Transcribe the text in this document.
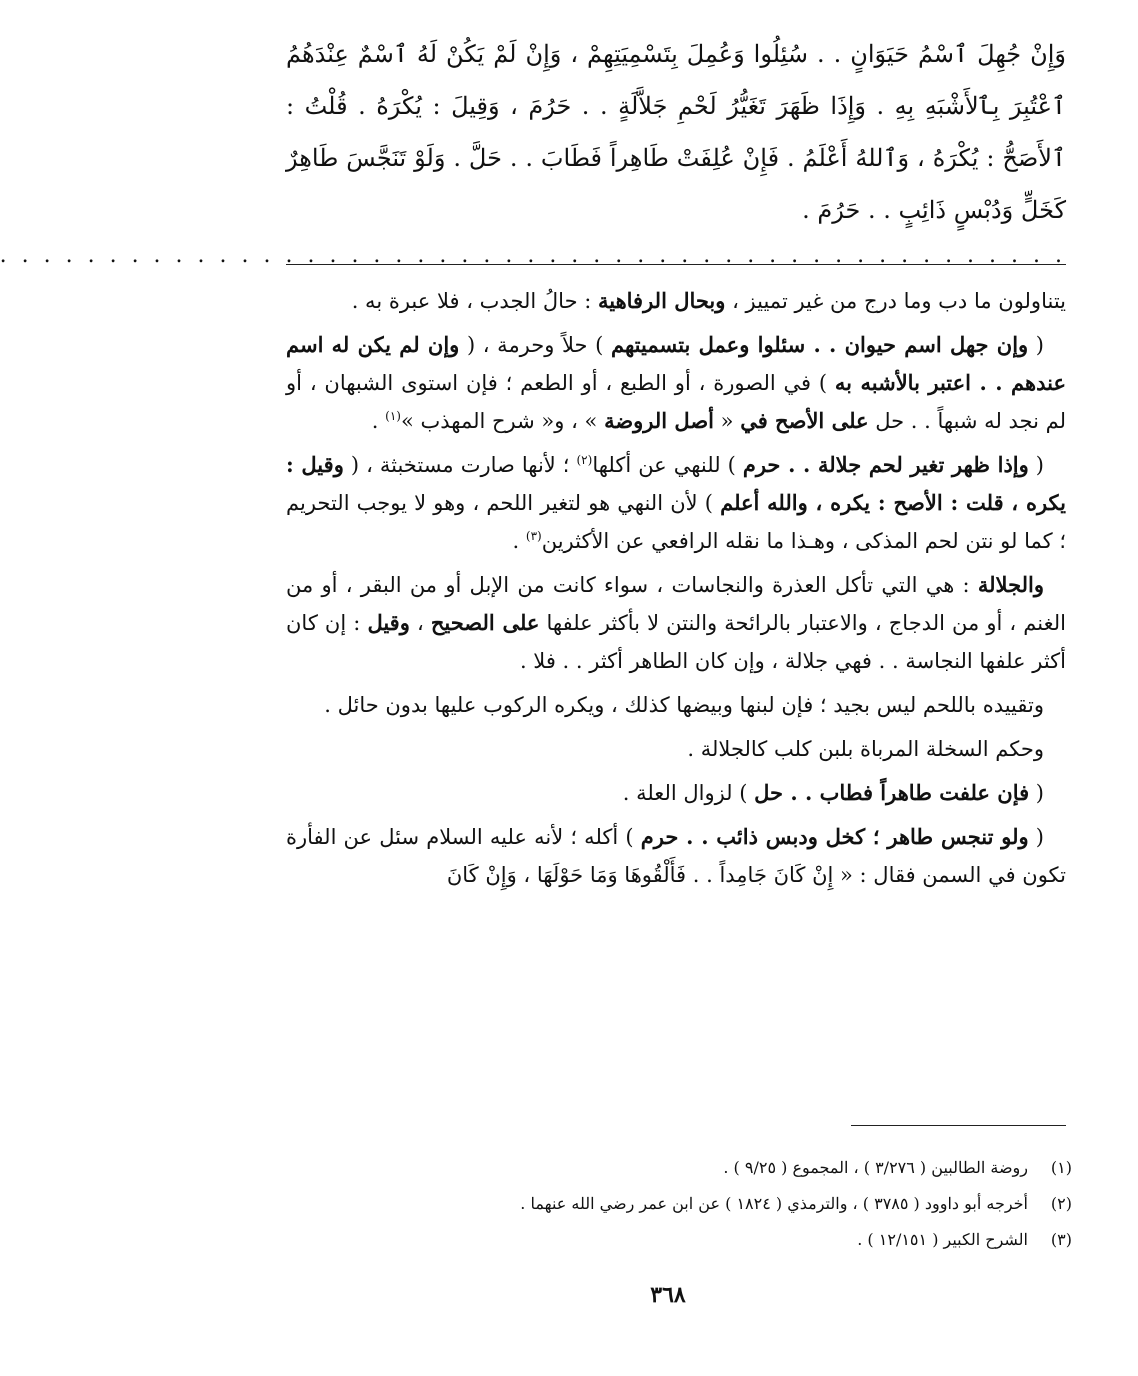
وَإِنْ جُهِلَ ٱسْمُ حَيَوَانٍ . . سُئِلُوا وَعُمِلَ بِتَسْمِيَتِهِمْ ، وَإِنْ لَمْ يَكُنْ لَهُ ٱسْمٌ عِنْدَهُمُ ٱعْتُبِرَ بِٱلأَشْبَهِ بِهِ . وَإِذَا ظَهَرَ تَغَيُّرُ لَحْمِ جَلاَّلَةٍ . . حَرُمَ ، وَقِيلَ : يُكْرَهُ . قُلْتُ : ٱلأَصَحُّ : يُكْرَهُ ، وَٱللهُ أَعْلَمُ . فَإِنْ عُلِفَتْ طَاهِراً فَطَابَ . . حَلَّ . وَلَوْ تَنَجَّسَ طَاهِرٌ كَخَلٍّ وَدُبْسٍ ذَائِبٍ . . حَرُمَ .

. . . . . . . . . . . . . . . . . . . . . . . . . . . . . . . . . . . . . . . . . . . . . . . . .

يتناولون ما دب وما درج من غير تمييز ، وبحال الرفاهية : حالُ الجدب ، فلا عبرة به .

( وإن جهل اسم حيوان . . سئلوا وعمل بتسميتهم ) حلاً وحرمة ، ( وإن لم يكن له اسم عندهم . . اعتبر بالأشبه به ) في الصورة ، أو الطبع ، أو الطعم ؛ فإن استوى الشبهان ، أو لم نجد له شبهاً . . حل على الأصح في « أصل الروضة » ، و« شرح المهذب »$^{(١)}$ .

( وإذا ظهر تغير لحم جلالة . . حرم ) للنهي عن أكلها$^{(٢)}$ ؛ لأنها صارت مستخبثة ، ( وقيل : يكره ، قلت : الأصح : يكره ، والله أعلم ) لأن النهي هو لتغير اللحم ، وهو لا يوجب التحريم ؛ كما لو نتن لحم المذكى ، وهـذا ما نقله الرافعي عن الأكثرين$^{(٣)}$ .

والجلالة : هي التي تأكل العذرة والنجاسات ، سواء كانت من الإبل أو من البقر ، أو من الغنم ، أو من الدجاج ، والاعتبار بالرائحة والنتن لا بأكثر علفها على الصحيح ، وقيل : إن كان أكثر علفها النجاسة . . فهي جلالة ، وإن كان الطاهر أكثر . . فلا .

وتقييده باللحم ليس بجيد ؛ فإن لبنها وبيضها كذلك ، ويكره الركوب عليها بدون حائل .

وحكم السخلة المرباة بلبن كلب كالجلالة .

( فإن علفت طاهراً فطاب . . حل ) لزوال العلة .

( ولو تنجس طاهر ؛ كخل ودبس ذائب . . حرم ) أكله ؛ لأنه عليه السلام سئل عن الفأرة تكون في السمن فقال : « إِنْ كَانَ جَامِداً . . فَأَلْقُوهَا وَمَا حَوْلَهَا ، وَإِنْ كَانَ

(١)
روضة الطالبين ( ٣/٢٧٦ ) ، المجموع ( ٩/٢٥ ) .
(٢)
أخرجه أبو داوود ( ٣٧٨٥ ) ، والترمذي ( ١٨٢٤ ) عن ابن عمر رضي الله عنهما .
(٣)
الشرح الكبير ( ١٢/١٥١ ) .
٣٦٨
